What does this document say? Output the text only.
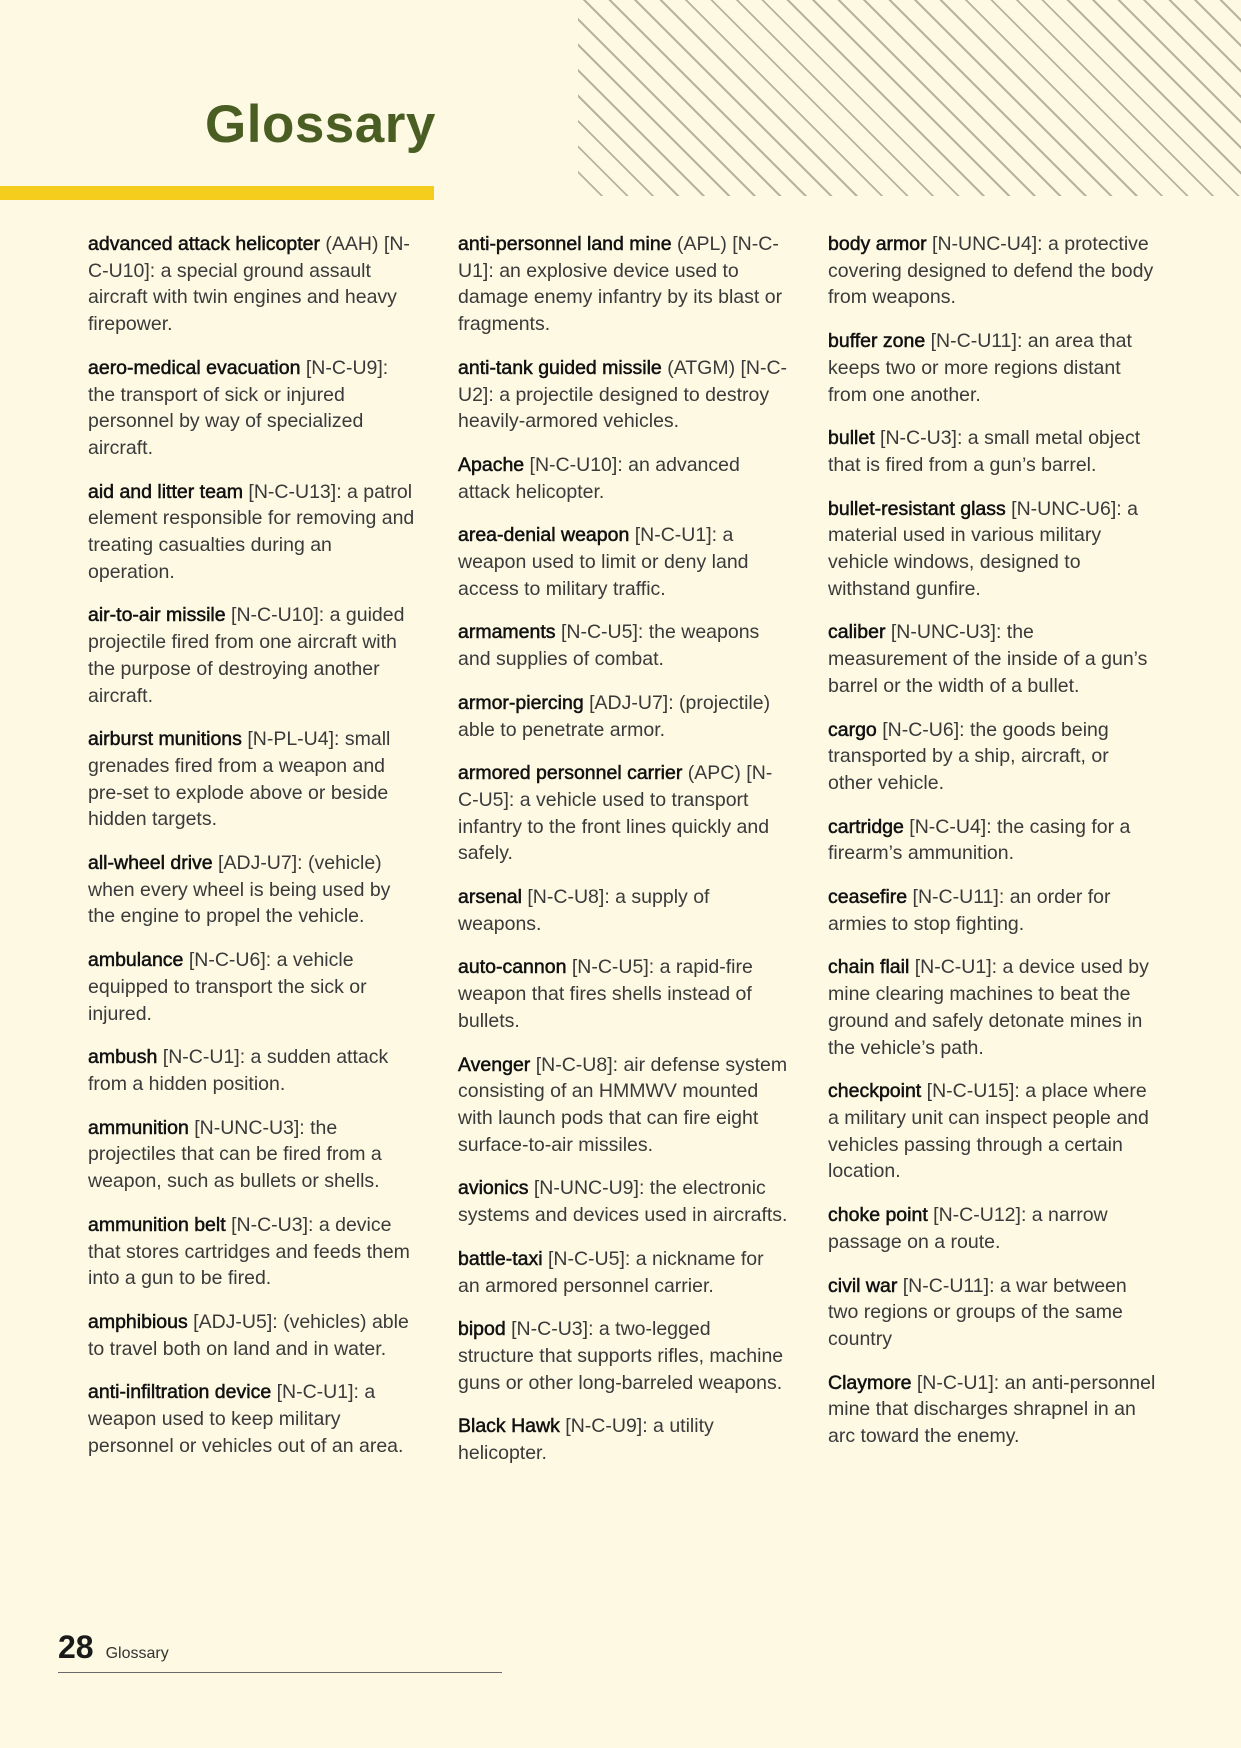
Glossary

advanced attack helicopter (AAH) [N-C-U10]: a special ground assault aircraft with twin engines and heavy firepower.

aero-medical evacuation [N-C-U9]: the transport of sick or injured personnel by way of specialized aircraft.

aid and litter team [N-C-U13]: a patrol element responsible for removing and treating casualties during an operation.

air-to-air missile [N-C-U10]: a guided projectile fired from one aircraft with the purpose of destroying another aircraft.

airburst munitions [N-PL-U4]: small grenades fired from a weapon and pre-set to explode above or beside hidden targets.

all-wheel drive [ADJ-U7]: (vehicle) when every wheel is being used by the engine to propel the vehicle.

ambulance [N-C-U6]: a vehicle equipped to transport the sick or injured.

ambush [N-C-U1]: a sudden attack from a hidden position.

ammunition [N-UNC-U3]: the projectiles that can be fired from a weapon, such as bullets or shells.

ammunition belt [N-C-U3]: a device that stores cartridges and feeds them into a gun to be fired.

amphibious [ADJ-U5]: (vehicles) able to travel both on land and in water.

anti-infiltration device [N-C-U1]: a weapon used to keep military personnel or vehicles out of an area.

anti-personnel land mine (APL) [N-C-U1]: an explosive device used to damage enemy infantry by its blast or fragments.

anti-tank guided missile (ATGM) [N-C-U2]: a projectile designed to destroy heavily-armored vehicles.

Apache [N-C-U10]: an advanced attack helicopter.

area-denial weapon [N-C-U1]: a weapon used to limit or deny land access to military traffic.

armaments [N-C-U5]: the weapons and supplies of combat.

armor-piercing [ADJ-U7]: (projectile) able to penetrate armor.

armored personnel carrier (APC) [N-C-U5]: a vehicle used to transport infantry to the front lines quickly and safely.

arsenal [N-C-U8]: a supply of weapons.

auto-cannon [N-C-U5]: a rapid-fire weapon that fires shells instead of bullets.

Avenger [N-C-U8]: air defense system consisting of an HMMWV mounted with launch pods that can fire eight surface-to-air missiles.

avionics [N-UNC-U9]: the electronic systems and devices used in aircrafts.

battle-taxi [N-C-U5]: a nickname for an armored personnel carrier.

bipod [N-C-U3]: a two-legged structure that supports rifles, machine guns or other long-barreled weapons.

Black Hawk [N-C-U9]: a utility helicopter.

body armor [N-UNC-U4]: a protective covering designed to defend the body from weapons.

buffer zone [N-C-U11]: an area that keeps two or more regions distant from one another.

bullet [N-C-U3]: a small metal object that is fired from a gun’s barrel.

bullet-resistant glass [N-UNC-U6]: a material used in various military vehicle windows, designed to withstand gunfire.

caliber [N-UNC-U3]: the measurement of the inside of a gun’s barrel or the width of a bullet.

cargo [N-C-U6]: the goods being transported by a ship, aircraft, or other vehicle.

cartridge [N-C-U4]: the casing for a firearm’s ammunition.

ceasefire [N-C-U11]: an order for armies to stop fighting.

chain flail [N-C-U1]: a device used by mine clearing machines to beat the ground and safely detonate mines in the vehicle’s path.

checkpoint [N-C-U15]: a place where a military unit can inspect people and vehicles passing through a certain location.

choke point [N-C-U12]: a narrow passage on a route.

civil war [N-C-U11]: a war between two regions or groups of the same country

Claymore [N-C-U1]: an anti-personnel mine that discharges shrapnel in an arc toward the enemy.

28 Glossary
